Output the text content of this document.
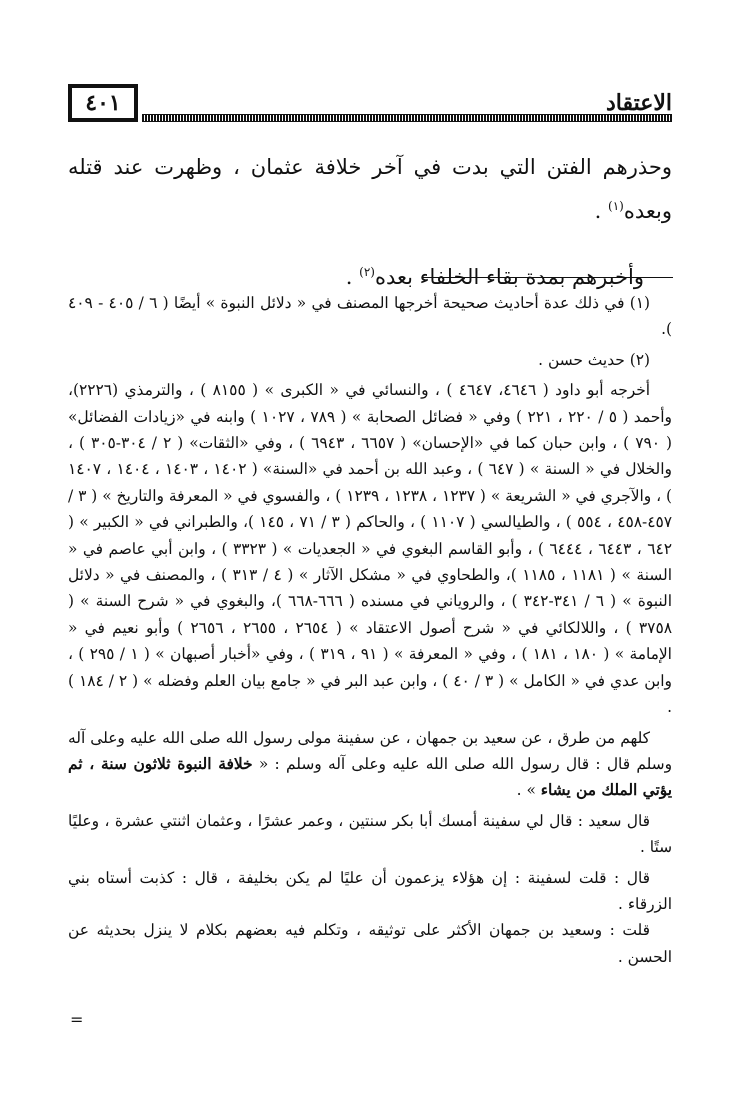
٤٠١	الاعتقاد

وحذرهم الفتن التي بدت في آخر خلافة عثمان ، وظهرت عند قتله وبعده$^{(١)}$ .

وأخبرهم بمدة بقاء الخلفاء بعده$^{(٢)}$ .

(١) في ذلك عدة أحاديث صحيحة أخرجها المصنف في « دلائل النبوة » أيضًا ( ٦ / ٤٠٥ - ٤٠٩ ).

(٢) حديث حسن .

أخرجه أبو داود ( ٤٦٤٦، ٤٦٤٧ ) ، والنسائي في « الكبرى » ( ٨١٥٥ ) ، والترمذي (٢٢٢٦)، وأحمد ( ٥ / ٢٢٠ ، ٢٢١ ) وفي « فضائل الصحابة » ( ٧٨٩ ، ١٠٢٧ ) وابنه في «زيادات الفضائل» ( ٧٩٠ ) ، وابن حبان كما في «الإحسان» ( ٦٦٥٧ ، ٦٩٤٣ ) ، وفي «الثقات» ( ٢ / ٣٠٤-٣٠٥ ) ، والخلال في « السنة » ( ٦٤٧ ) ، وعبد الله بن أحمد في «السنة» ( ١٤٠٢ ، ١٤٠٣ ، ١٤٠٤ ، ١٤٠٧ ) ، والآجري في « الشريعة » ( ١٢٣٧ ، ١٢٣٨ ، ١٢٣٩ ) ، والفسوي في « المعرفة والتاريخ » ( ٣ / ٤٥٧-٤٥٨ ، ٥٥٤ ) ، والطيالسي ( ١١٠٧ ) ، والحاكم ( ٣ / ٧١ ، ١٤٥ )، والطبراني في « الكبير » ( ٦٤٢ ، ٦٤٤٣ ، ٦٤٤٤ ) ، وأبو القاسم البغوي في « الجعديات » ( ٣٣٢٣ ) ، وابن أبي عاصم في « السنة » ( ١١٨١ ، ١١٨٥ )، والطحاوي في « مشكل الآثار » ( ٤ / ٣١٣ ) ، والمصنف في « دلائل النبوة » ( ٦ / ٣٤١-٣٤٢ ) ، والروياني في مسنده ( ٦٦٦-٦٦٨ )، والبغوي في « شرح السنة » ( ٣٧٥٨ ) ، واللالكائي في « شرح أصول الاعتقاد » ( ٢٦٥٤ ، ٢٦٥٥ ، ٢٦٥٦ ) وأبو نعيم في « الإمامة » ( ١٨٠ ، ١٨١ ) ، وفي « المعرفة » ( ٩١ ، ٣١٩ ) ، وفي «أخبار أصبهان » ( ١ / ٢٩٥ ) ، وابن عدي في « الكامل » ( ٣ / ٤٠ ) ، وابن عبد البر في « جامع بيان العلم وفضله » ( ٢ / ١٨٤ ) .

كلهم من طرق ، عن سعيد بن جمهان ، عن سفينة مولى رسول الله صلى الله عليه وعلى آله وسلم قال : قال رسول الله صلى الله عليه وعلى آله وسلم : « خلافة النبوة ثلاثون سنة ، ثم يؤتي الملك من يشاء » .

قال سعيد : قال لي سفينة أمسك أبا بكر سنتين ، وعمر عشرًا ، وعثمان اثنتي عشرة ، وعليًا ستًا .

قال : قلت لسفينة : إن هؤلاء يزعمون أن عليًا لم يكن بخليفة ، قال : كذبت أستاه بني الزرقاء .

قلت : وسعيد بن جمهان الأكثر على توثيقه ، وتكلم فيه بعضهم بكلام لا ينزل بحديثه عن الحسن .

=
